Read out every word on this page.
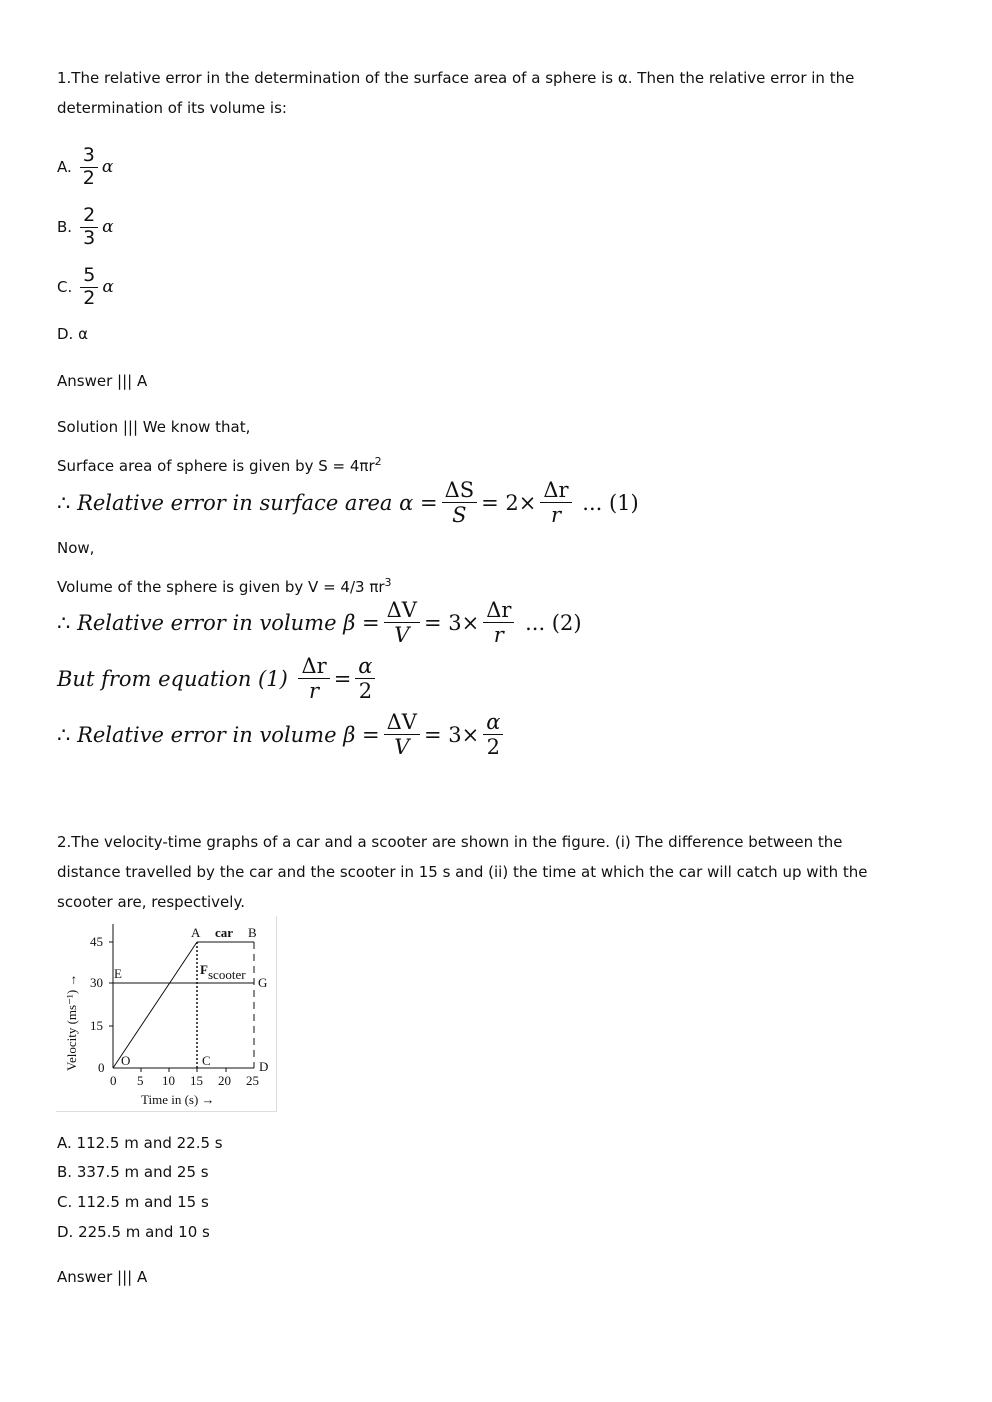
1.The relative error in the determination of the surface area of a sphere is α. Then the relative error in the
determination of its volume is:
A. $\frac{3}{2}$ α
B. $\frac{2}{3}$ α
C. $\frac{5}{2}$ α
D.
α
Answer ||| A
Solution ||| We know that,
Surface area of sphere is given by $S = 4\pi r^2$
∴
Relative error in surface area $\alpha = \frac{\Delta S}{S} = 2\times \frac{\Delta r}{r}$
... (1)
Now,
Volume of the sphere is given by V = 4/3 $\pi r^3$
∴
Relative error in volume $\beta = \frac{\Delta V}{V} = 3\times \frac{\Delta r}{r}$
... (2)
But from equation (1)
$\frac{\Delta r}{r} = \frac{\alpha}{2}$
∴
Relative error in volume $\beta = \frac{\Delta V}{V} = 3\times \frac{\alpha}{2}$
2.The velocity-time graphs of a car and a scooter are shown in the figure. (i) The difference between the
distance travelled by the car and the scooter in 15 s and (ii) the time at which the car will catch up with the
scooter are, respectively.
45
30
15
0
0 5 10 15 20 25
A car B
E	F scooter
G
O	C	D
Time in (s) →
Velocity (ms⁻¹) →
A. 112.5 m and 22.5 s
B. 337.5 m and 25 s
C. 112.5 m and 15 s
D. 225.5 m and 10 s
Answer ||| A
